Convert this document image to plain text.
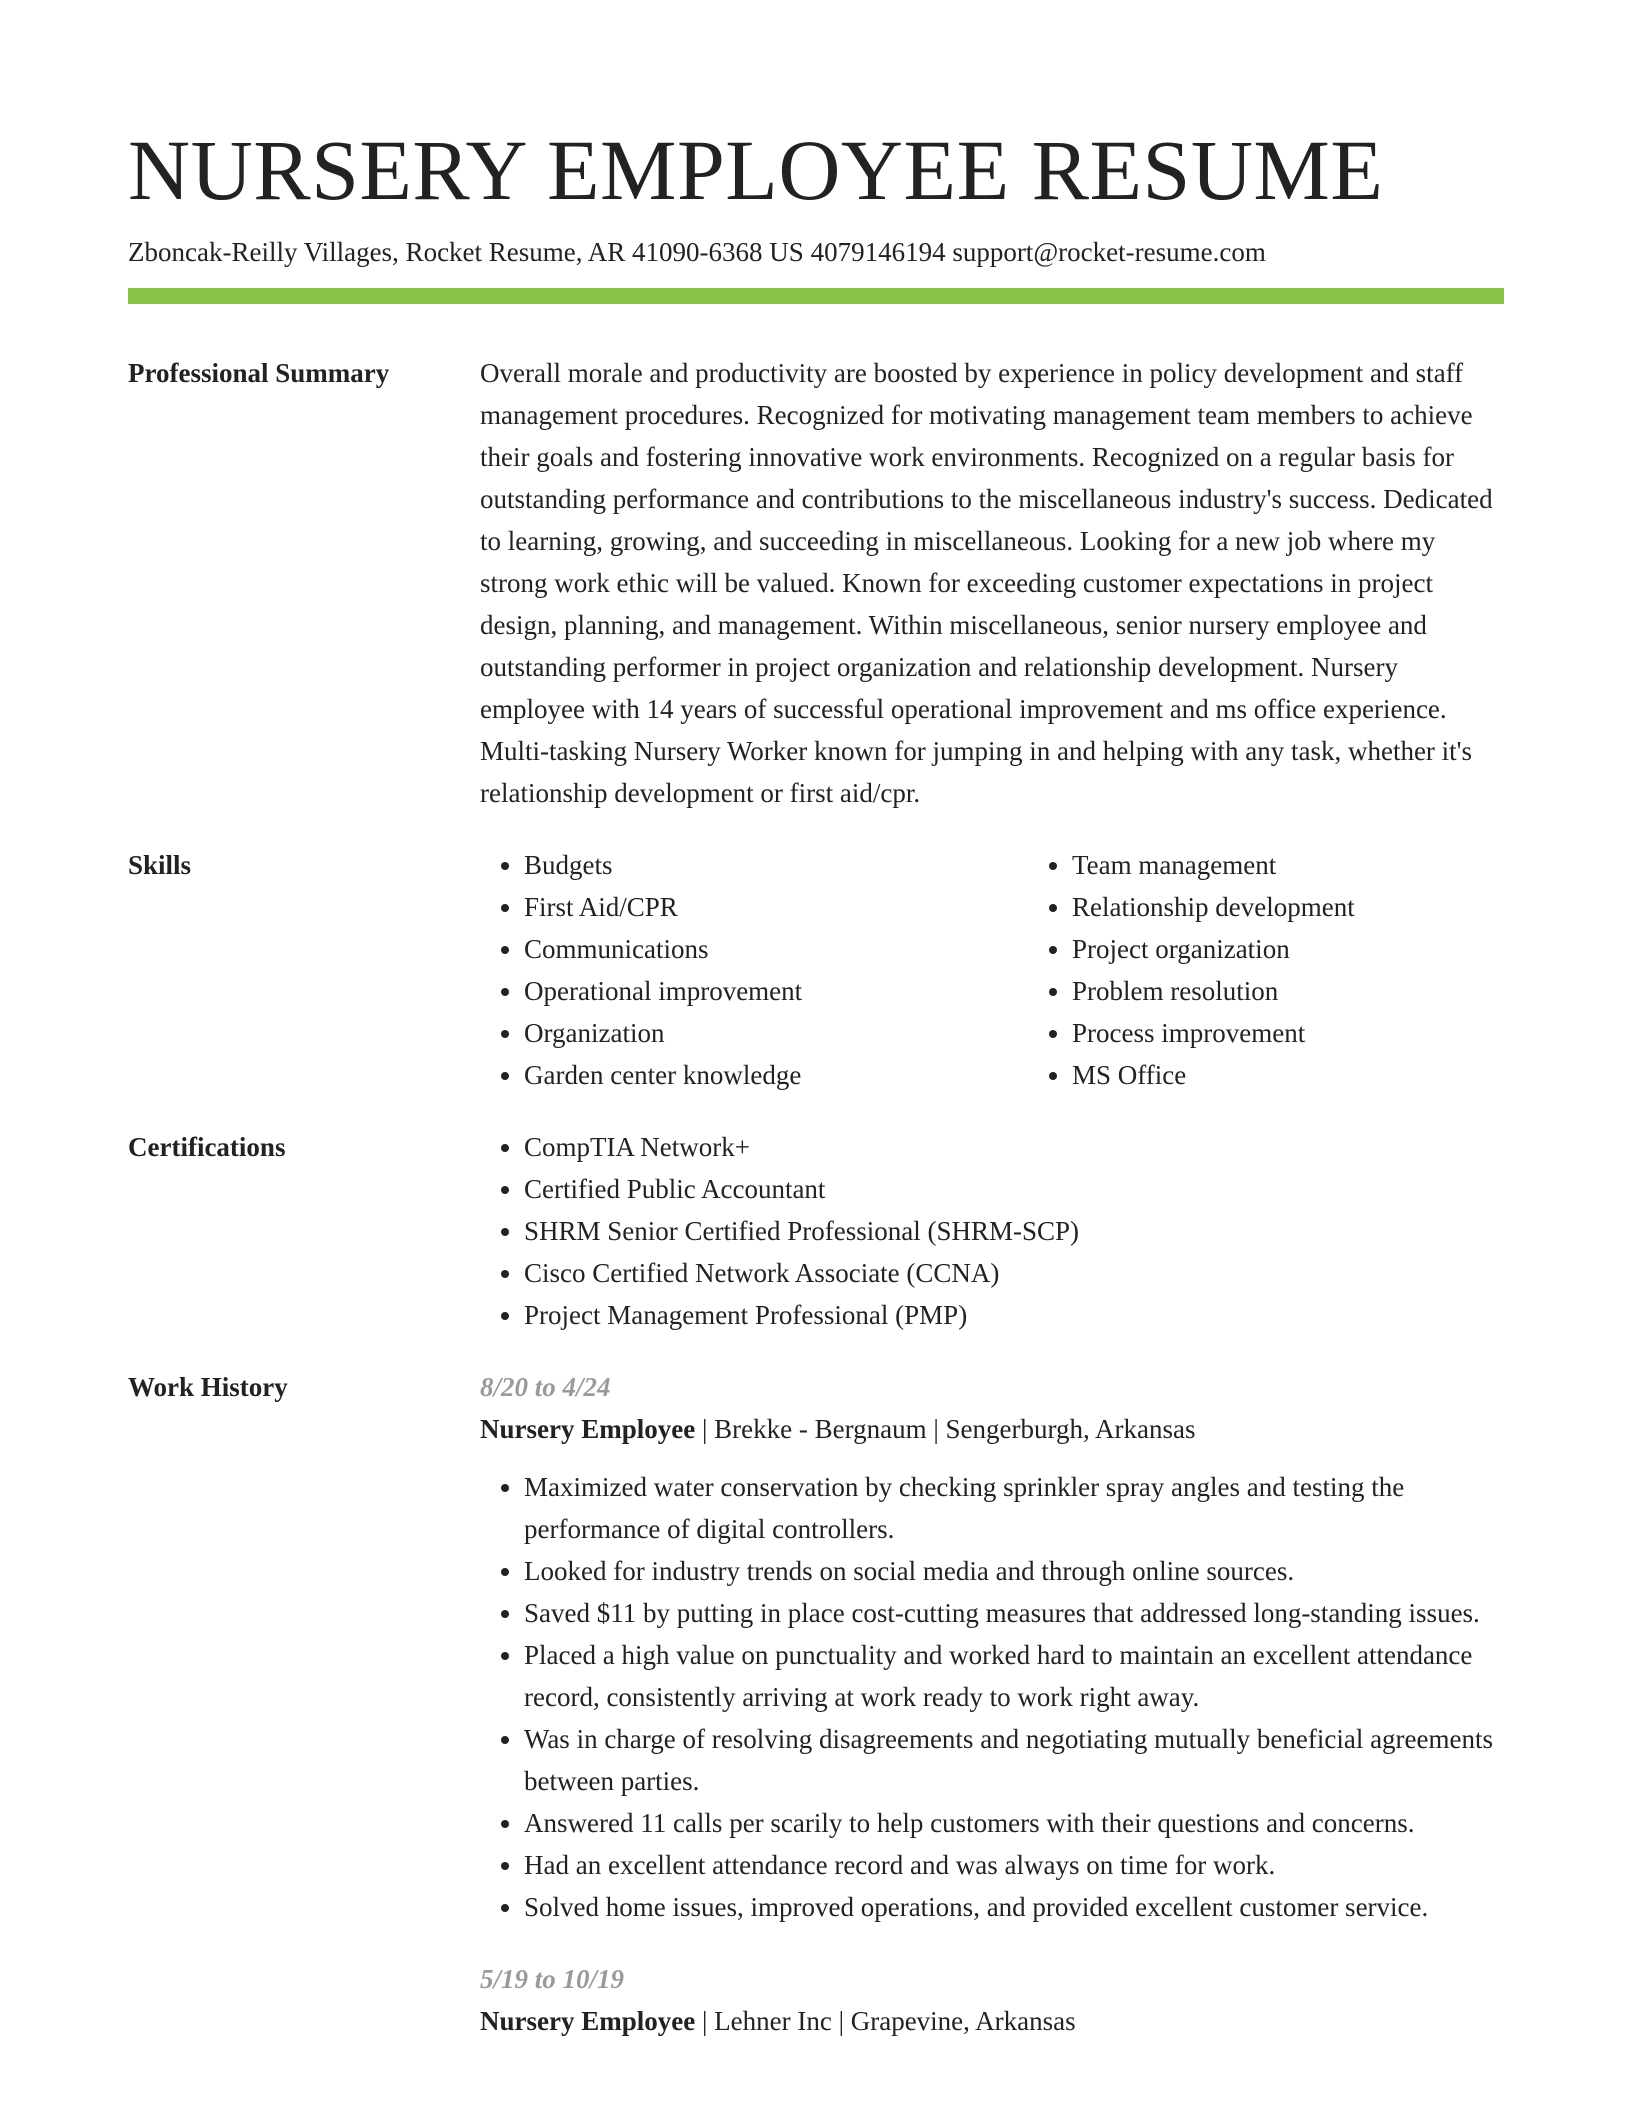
NURSERY EMPLOYEE RESUME
Zboncak-Reilly Villages, Rocket Resume, AR 41090-6368 US 4079146194 support@rocket-resume.com
Professional Summary	Overall morale and productivity are boosted by experience in policy development and staff management procedures. Recognized for motivating management team members to achieve their goals and fostering innovative work environments. Recognized on a regular basis for outstanding performance and contributions to the miscellaneous industry's success. Dedicated to learning, growing, and succeeding in miscellaneous. Looking for a new job where my strong work ethic will be valued. Known for exceeding customer expectations in project design, planning, and management. Within miscellaneous, senior nursery employee and outstanding performer in project organization and relationship development. Nursery employee with 14 years of successful operational improvement and ms office experience. Multi-tasking Nursery Worker known for jumping in and helping with any task, whether it's relationship development or first aid/cpr.

Skills	• Budgets
• First Aid/CPR
• Communications
• Operational improvement
• Organization
• Garden center knowledge
• Team management
• Relationship development
• Project organization
• Problem resolution
• Process improvement
• MS Office
Certifications	• CompTIA Network+
• Certified Public Accountant
• SHRM Senior Certified Professional (SHRM-SCP)
• Cisco Certified Network Associate (CCNA)
• Project Management Professional (PMP)
Work History	8/20 to 4/24
Nursery Employee | Brekke - Bergnaum | Sengerburgh, Arkansas
• Maximized water conservation by checking sprinkler spray angles and testing the performance of digital controllers.
• Looked for industry trends on social media and through online sources.
• Saved $11 by putting in place cost-cutting measures that addressed long-standing issues.
• Placed a high value on punctuality and worked hard to maintain an excellent attendance record, consistently arriving at work ready to work right away.
• Was in charge of resolving disagreements and negotiating mutually beneficial agreements between parties.
• Answered 11 calls per scarily to help customers with their questions and concerns.
• Had an excellent attendance record and was always on time for work.
• Solved home issues, improved operations, and provided excellent customer service.
5/19 to 10/19
Nursery Employee | Lehner Inc | Grapevine, Arkansas
